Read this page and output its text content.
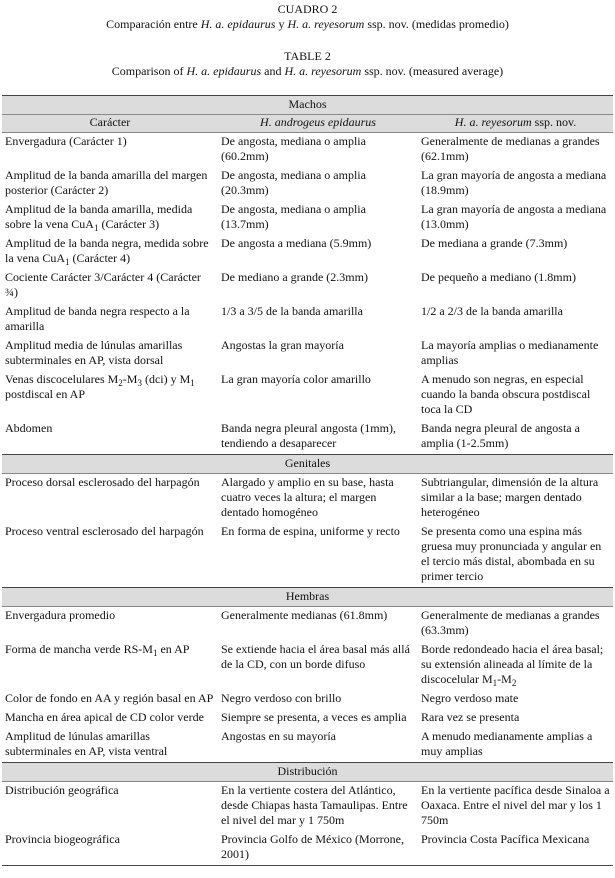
CUADRO 2
Comparación entre H. a. epidaurus y H. a. reyesorum ssp. nov. (medidas promedio)
TABLE 2
Comparison of H. a. epidaurus and H. a. reyesorum ssp. nov. (measured average)
Machos		
Carácter	H. androgeus epidaurus	H. a. reyesorum ssp. nov.
Envergadura (Carácter 1)	De angosta, mediana o amplia (60.2mm)	Generalmente de medianas a grandes (62.1mm)
Amplitud de la banda amarilla del margen posterior (Carácter 2)	De angosta, mediana o amplia (20.3mm)	La gran mayoría de angosta a mediana (18.9mm)
Amplitud de la banda amarilla, medida sobre la vena CuA$_1$ (Carácter 3)	De angosta, mediana o amplia (13.7mm)	La gran mayoría de angosta a mediana (13.0mm)
Amplitud de la banda negra, medida sobre la vena CuA$_1$ (Carácter 4)	De angosta a mediana (5.9mm)	De mediana a grande (7.3mm)
Cociente Carácter 3/Carácter 4 (Carácter ¾)	De mediano a grande (2.3mm)	De pequeño a mediano (1.8mm)
Amplitud de banda negra respecto a la amarilla	1/3 a 3/5 de la banda amarilla	1/2 a 2/3 de la banda amarilla
Amplitud media de lúnulas amarillas subterminales en AP, vista dorsal	Angostas la gran mayoría	La mayoría amplias o medianamente amplias
Venas discocelulares $M_2-M_3$ (dci) y $M_1$ postdiscal en AP	La gran mayoría color amarillo	A menudo son negras, en especial cuando la banda obscura postdiscal toca la CD
Abdomen	Banda negra pleural angosta (1mm), tendiendo a desaparecer	Banda negra pleural de angosta a amplia (1-2.5mm)
Genitales		
Proceso dorsal esclerosado del harpagón	Alargado y amplio en su base, hasta cuatro veces la altura; el margen dentado homogéneo	Subtriangular, dimensión de la altura similar a la base; margen dentado heterogéneo
Proceso ventral esclerosado del harpagón	En forma de espina, uniforme y recto	Se presenta como una espina más gruesa muy pronunciada y angular en el tercio más distal, abombada en su primer tercio
Hembras		
Envergadura promedio	Generalmente medianas (61.8mm)	Generalmente de medianas a grandes (63.3mm)
Forma de mancha verde $RS-M_1$ en AP	Se extiende hacia el área basal más allá de la CD, con un borde difuso	Borde redondeado hacia el área basal; su extensión alineada al límite de la discocelular $M_1-M_2$
Color de fondo en AA y región basal en AP	Negro verdoso con brillo	Negro verdoso mate
Mancha en área apical de CD color verde	Siempre se presenta, a veces es amplia	Rara vez se presenta
Amplitud de lúnulas amarillas subterminales en AP, vista ventral	Angostas en su mayoría	A menudo medianamente amplias a muy amplias
Distribución		
Distribución geográfica	En la vertiente costera del Atlántico, desde Chiapas hasta Tamaulipas. Entre el nivel del mar y 1 750m	En la vertiente pacífica desde Sinaloa a Oaxaca. Entre el nivel del mar y los 1 750m
Provincia biogeográfica	Provincia Golfo de México (Morrone, 2001)	Provincia Costa Pacífica Mexicana
